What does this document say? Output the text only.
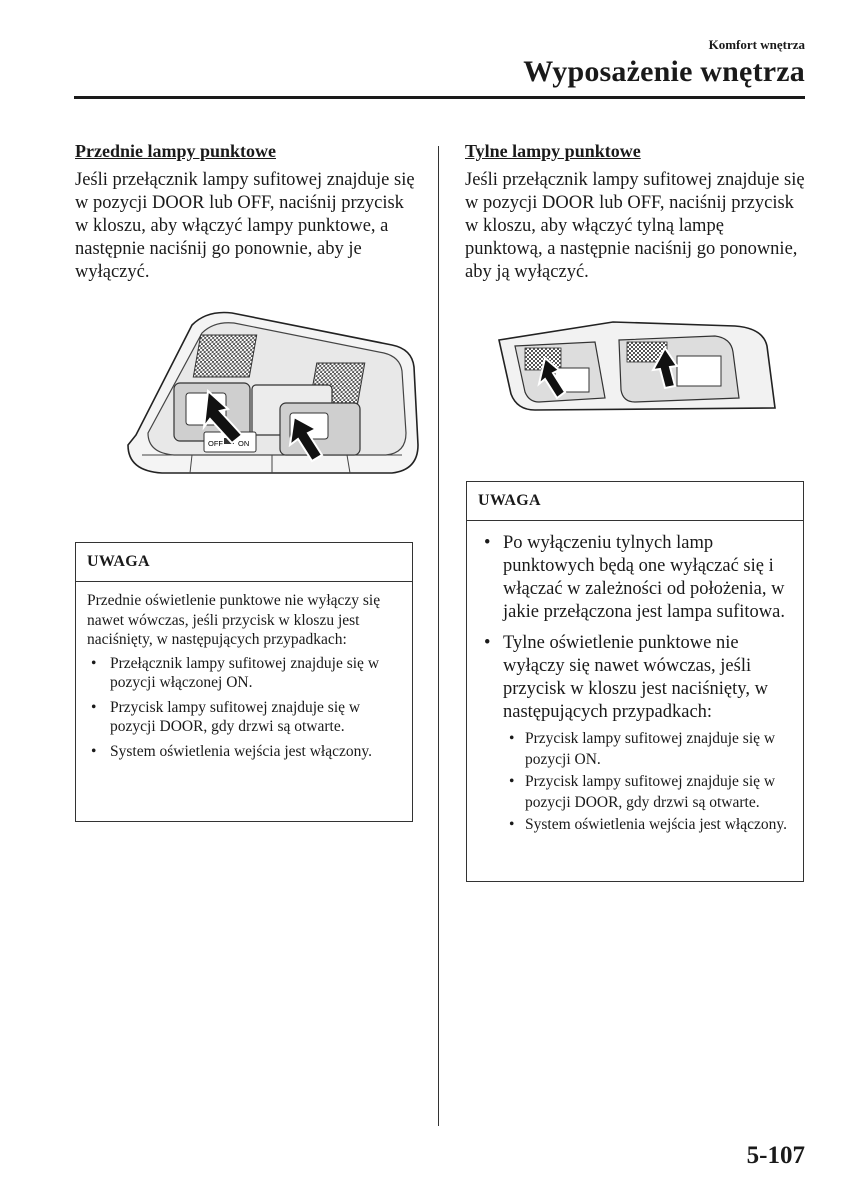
Komfort wnętrza
Wyposażenie wnętrza
Przednie lampy punktowe

Jeśli przełącznik lampy sufitowej znajduje się w pozycji DOOR lub OFF, naciśnij przycisk w kloszu, aby włączyć lampy punktowe, a następnie naciśnij go ponownie, aby je wyłączyć.

OFF ON
UWAGA

Przednie oświetlenie punktowe nie wyłączy się nawet wówczas, jeśli przycisk w kloszu jest naciśnięty, w następujących przypadkach:

• Przełącznik lampy sufitowej znajduje się w pozycji włączonej ON.
• Przycisk lampy sufitowej znajduje się w pozycji DOOR, gdy drzwi są otwarte.
• System oświetlenia wejścia jest włączony.
Tylne lampy punktowe

Jeśli przełącznik lampy sufitowej znajduje się w pozycji DOOR lub OFF, naciśnij przycisk w kloszu, aby włączyć tylną lampę punktową, a następnie naciśnij go ponownie, aby ją wyłączyć.

UWAGA
• Po wyłączeniu tylnych lamp punktowych będą one wyłączać się i włączać w zależności od położenia, w jakie przełączona jest lampa sufitowa.
• Tylne oświetlenie punktowe nie wyłączy się nawet wówczas, jeśli przycisk w kloszu jest naciśnięty, w następujących przypadkach:
• Przycisk lampy sufitowej znajduje się w pozycji ON.
• Przycisk lampy sufitowej znajduje się w pozycji DOOR, gdy drzwi są otwarte.
• System oświetlenia wejścia jest włączony.
5-107
